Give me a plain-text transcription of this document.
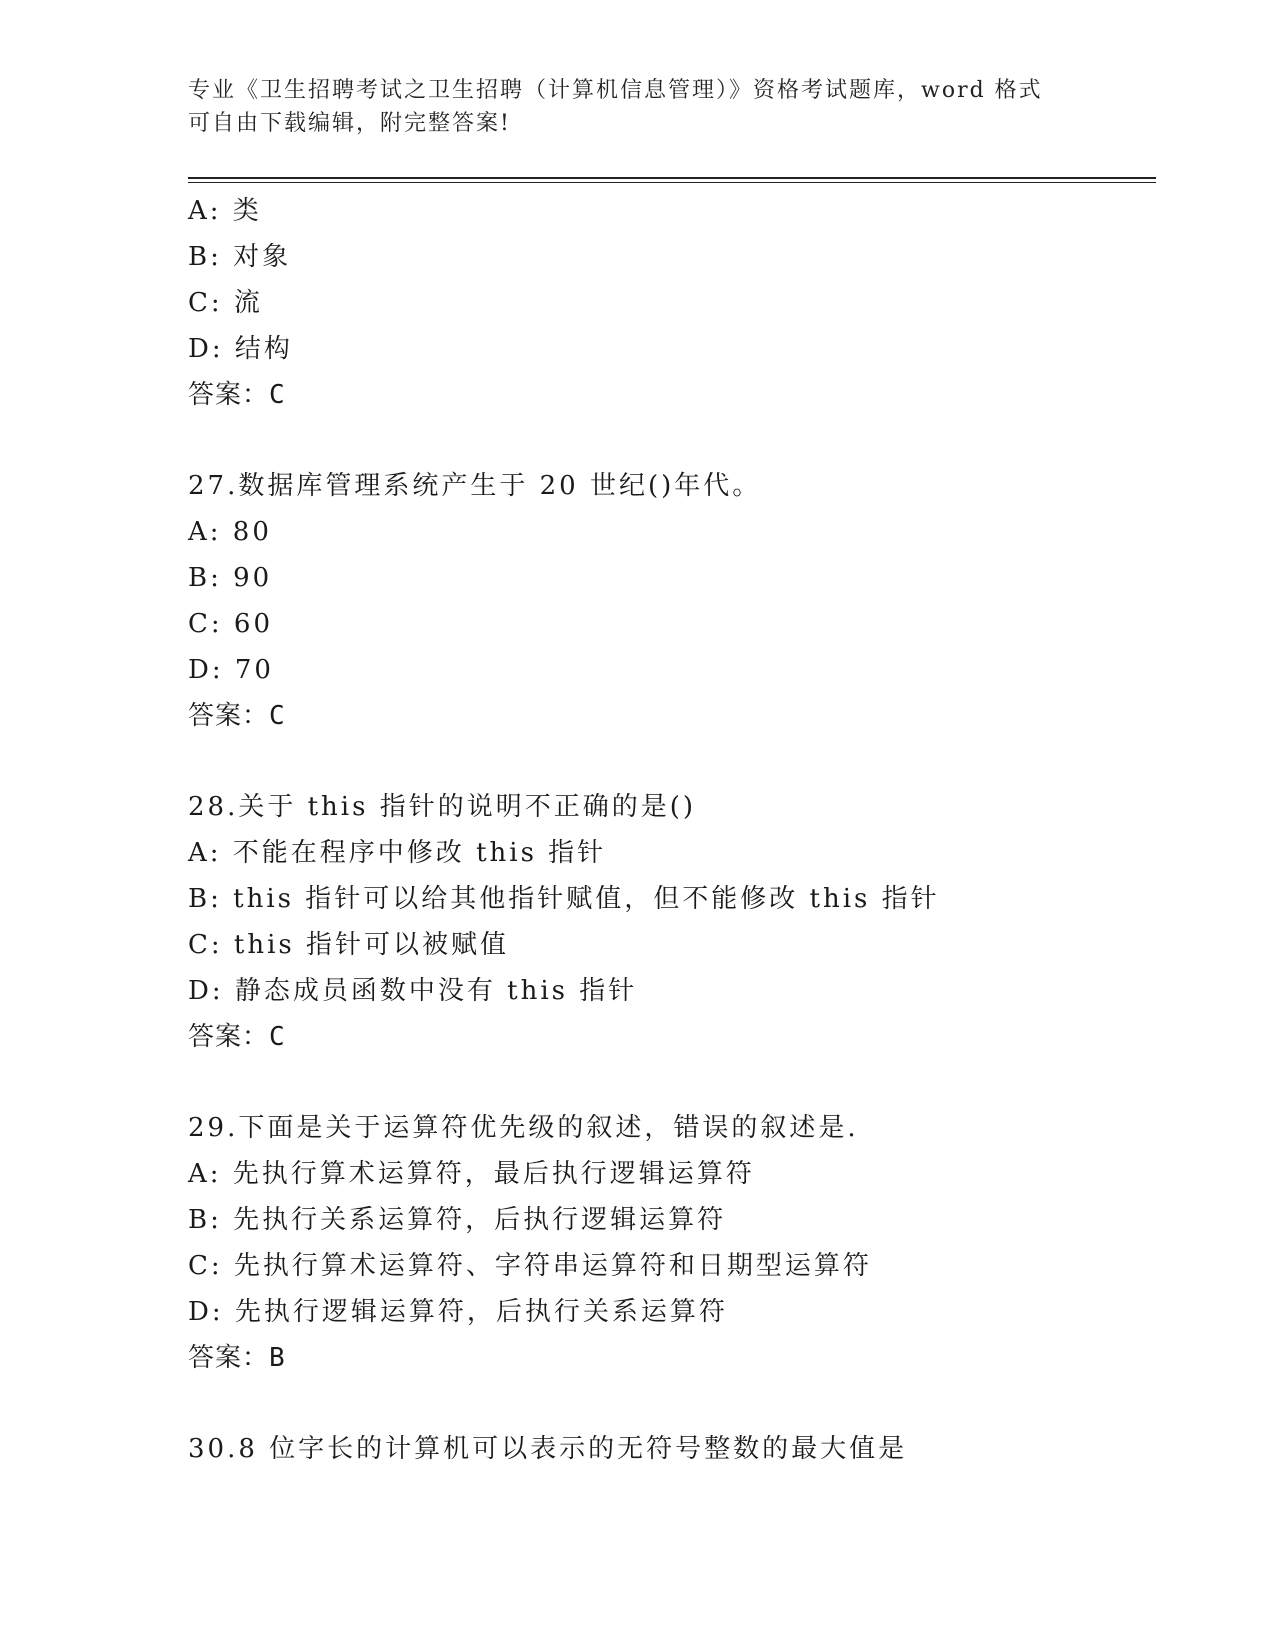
专业《卫生招聘考试之卫生招聘（计算机信息管理）》资格考试题库，word 格式
可自由下载编辑，附完整答案!
A: 类
B: 对象
C: 流
D: 结构
答案：C
27.数据库管理系统产生于 20 世纪()年代。
A: 80
B: 90
C: 60
D: 70
答案：C
28.关于 this 指针的说明不正确的是()
A: 不能在程序中修改 this 指针
B: this 指针可以给其他指针赋值，但不能修改 this 指针
C: this 指针可以被赋值
D: 静态成员函数中没有 this 指针
答案：C
29.下面是关于运算符优先级的叙述，错误的叙述是.
A: 先执行算术运算符，最后执行逻辑运算符
B: 先执行关系运算符，后执行逻辑运算符
C: 先执行算术运算符、字符串运算符和日期型运算符
D: 先执行逻辑运算符，后执行关系运算符
答案：B
30.8 位字长的计算机可以表示的无符号整数的最大值是
